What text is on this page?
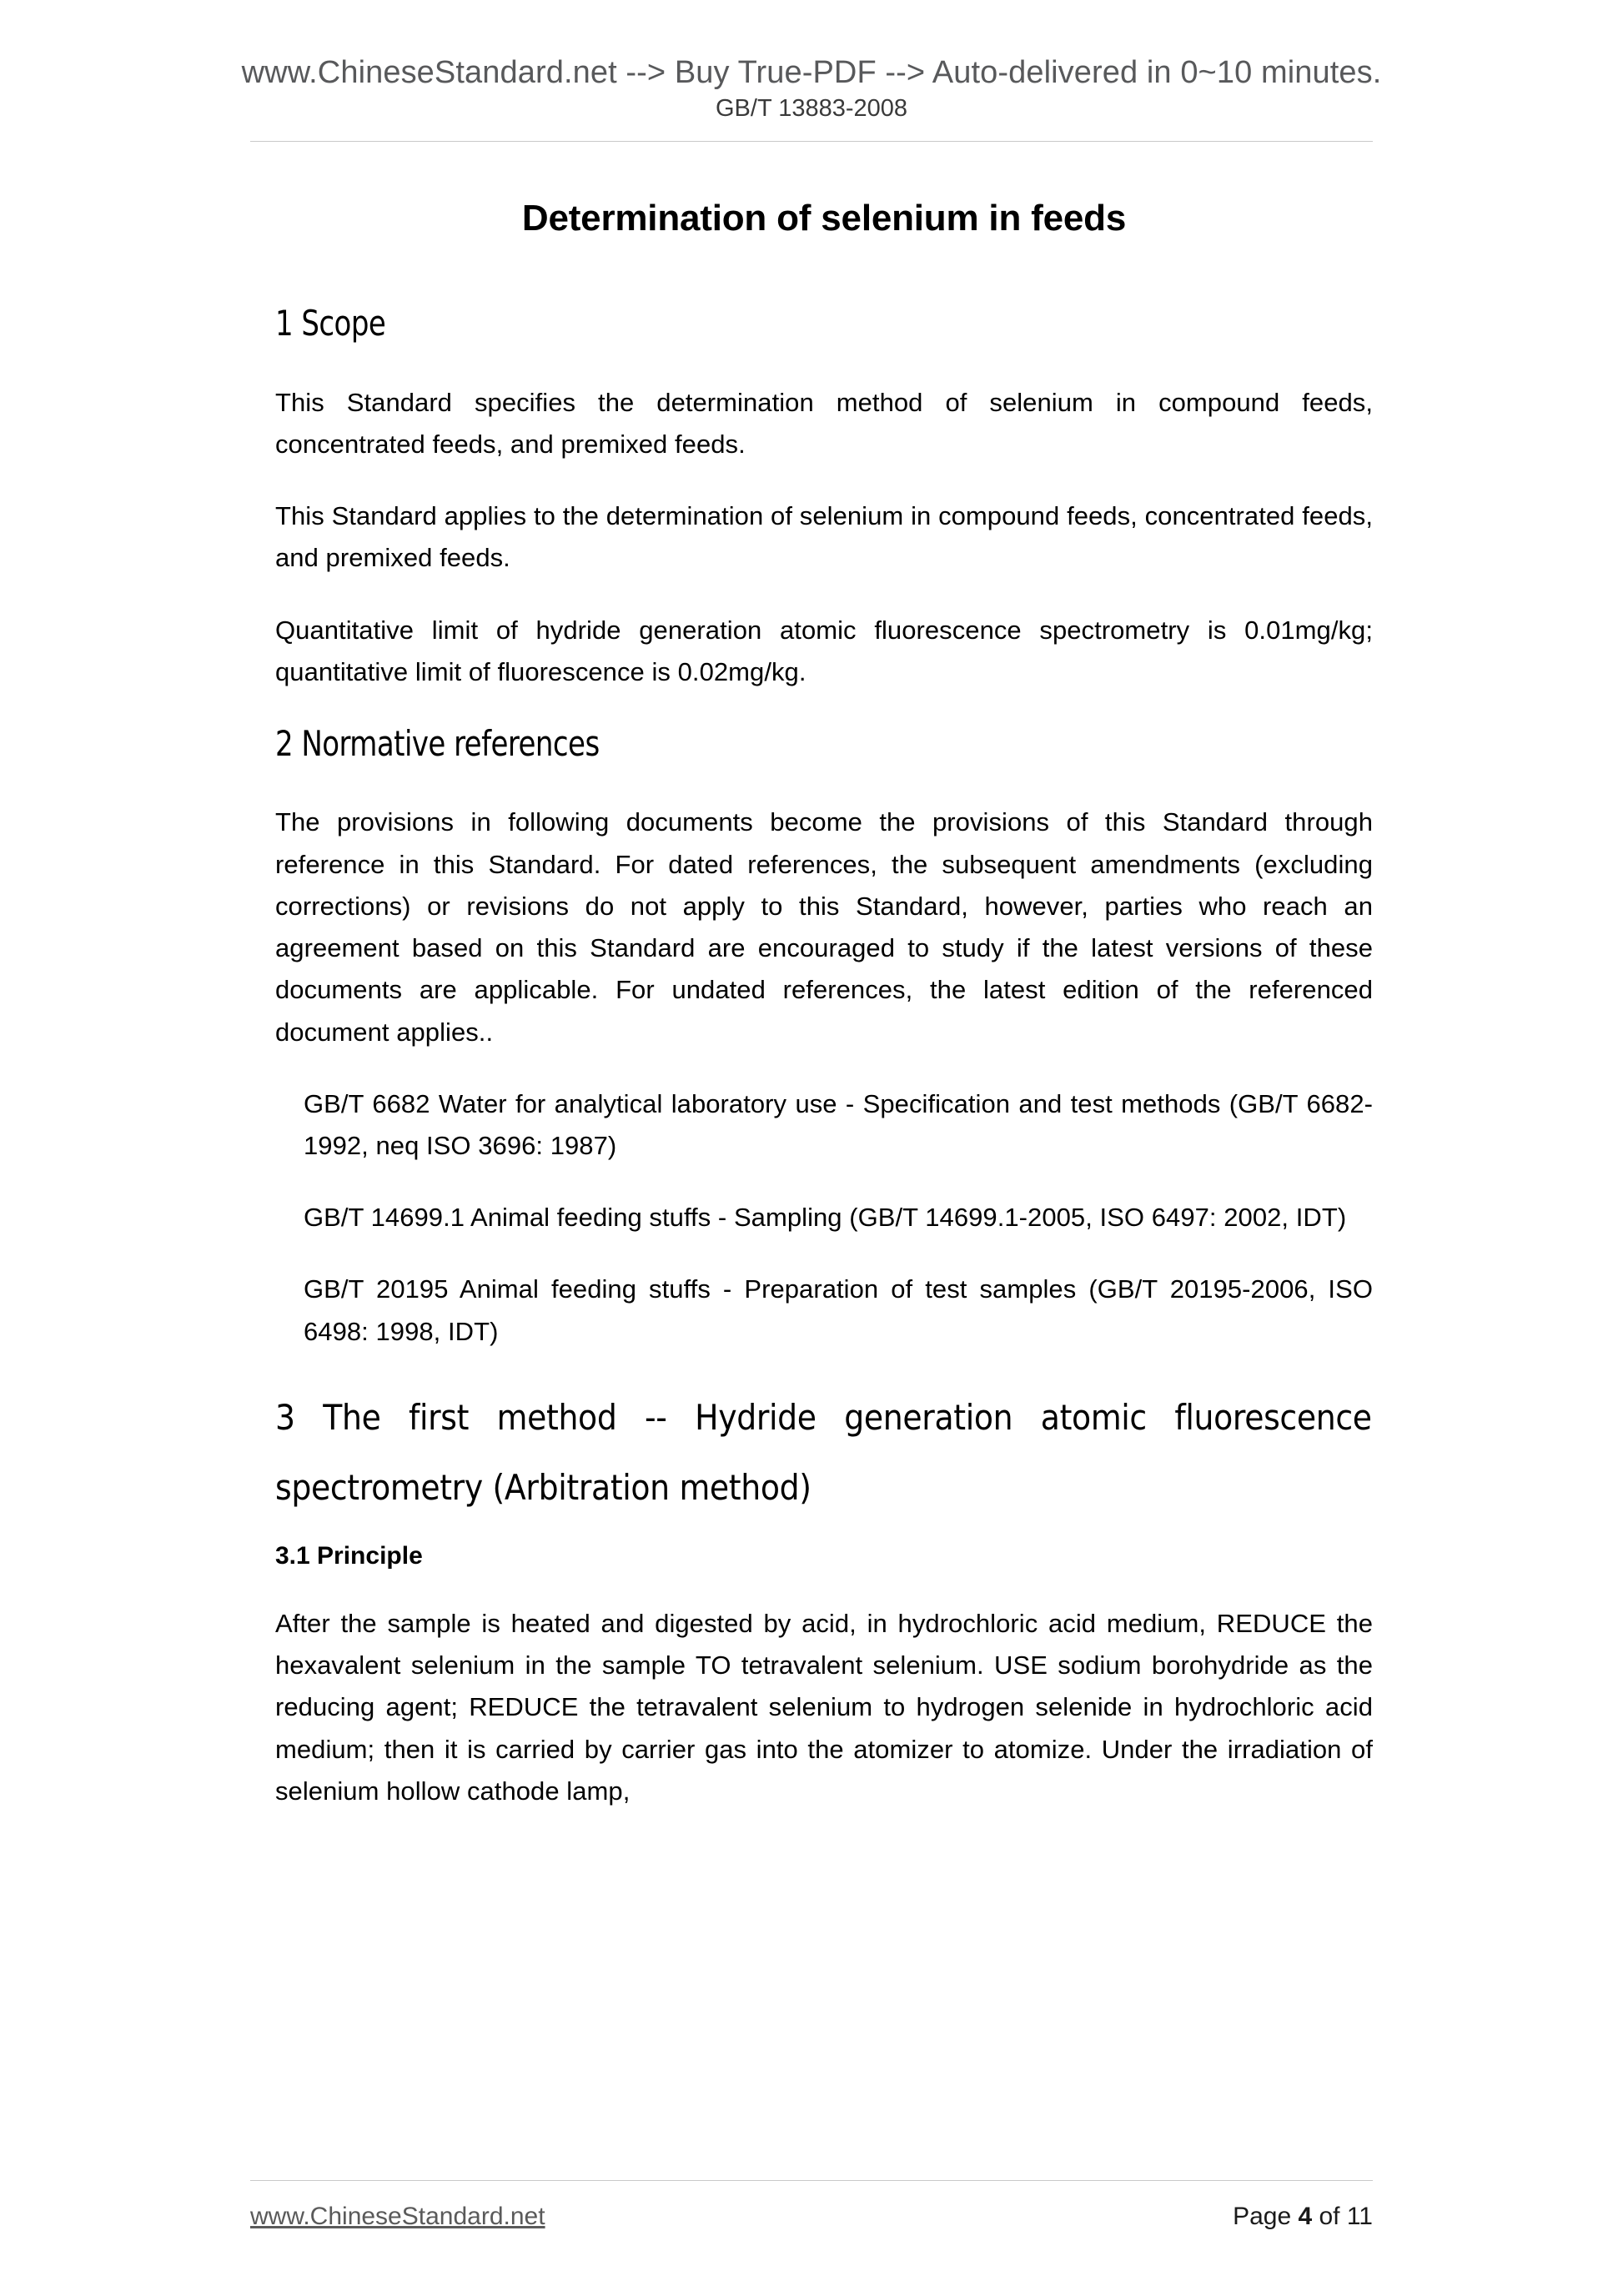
www.ChineseStandard.net --> Buy True-PDF --> Auto-delivered in 0~10 minutes.
GB/T 13883-2008
Determination of selenium in feeds
1 Scope

This Standard specifies the determination method of selenium in compound feeds, concentrated feeds, and premixed feeds.

This Standard applies to the determination of selenium in compound feeds, concentrated feeds, and premixed feeds.

Quantitative limit of hydride generation atomic fluorescence spectrometry is 0.01mg/kg; quantitative limit of fluorescence is 0.02mg/kg.

2 Normative references

The provisions in following documents become the provisions of this Standard through reference in this Standard. For dated references, the subsequent amendments (excluding corrections) or revisions do not apply to this Standard, however, parties who reach an agreement based on this Standard are encouraged to study if the latest versions of these documents are applicable. For undated references, the latest edition of the referenced document applies..

GB/T 6682 Water for analytical laboratory use - Specification and test methods (GB/T 6682-1992, neq ISO 3696: 1987)

GB/T 14699.1 Animal feeding stuffs - Sampling (GB/T 14699.1-2005, ISO 6497: 2002, IDT)

GB/T 20195 Animal feeding stuffs - Preparation of test samples (GB/T 20195-2006, ISO 6498: 1998, IDT)

3 The first method -- Hydride generation atomic fluorescence spectrometry (Arbitration method)
3.1 Principle

After the sample is heated and digested by acid, in hydrochloric acid medium, REDUCE the hexavalent selenium in the sample TO tetravalent selenium. USE sodium borohydride as the reducing agent; REDUCE the tetravalent selenium to hydrogen selenide in hydrochloric acid medium; then it is carried by carrier gas into the atomizer to atomize. Under the irradiation of selenium hollow cathode lamp,

www.ChineseStandard.net	Page 4 of 11
